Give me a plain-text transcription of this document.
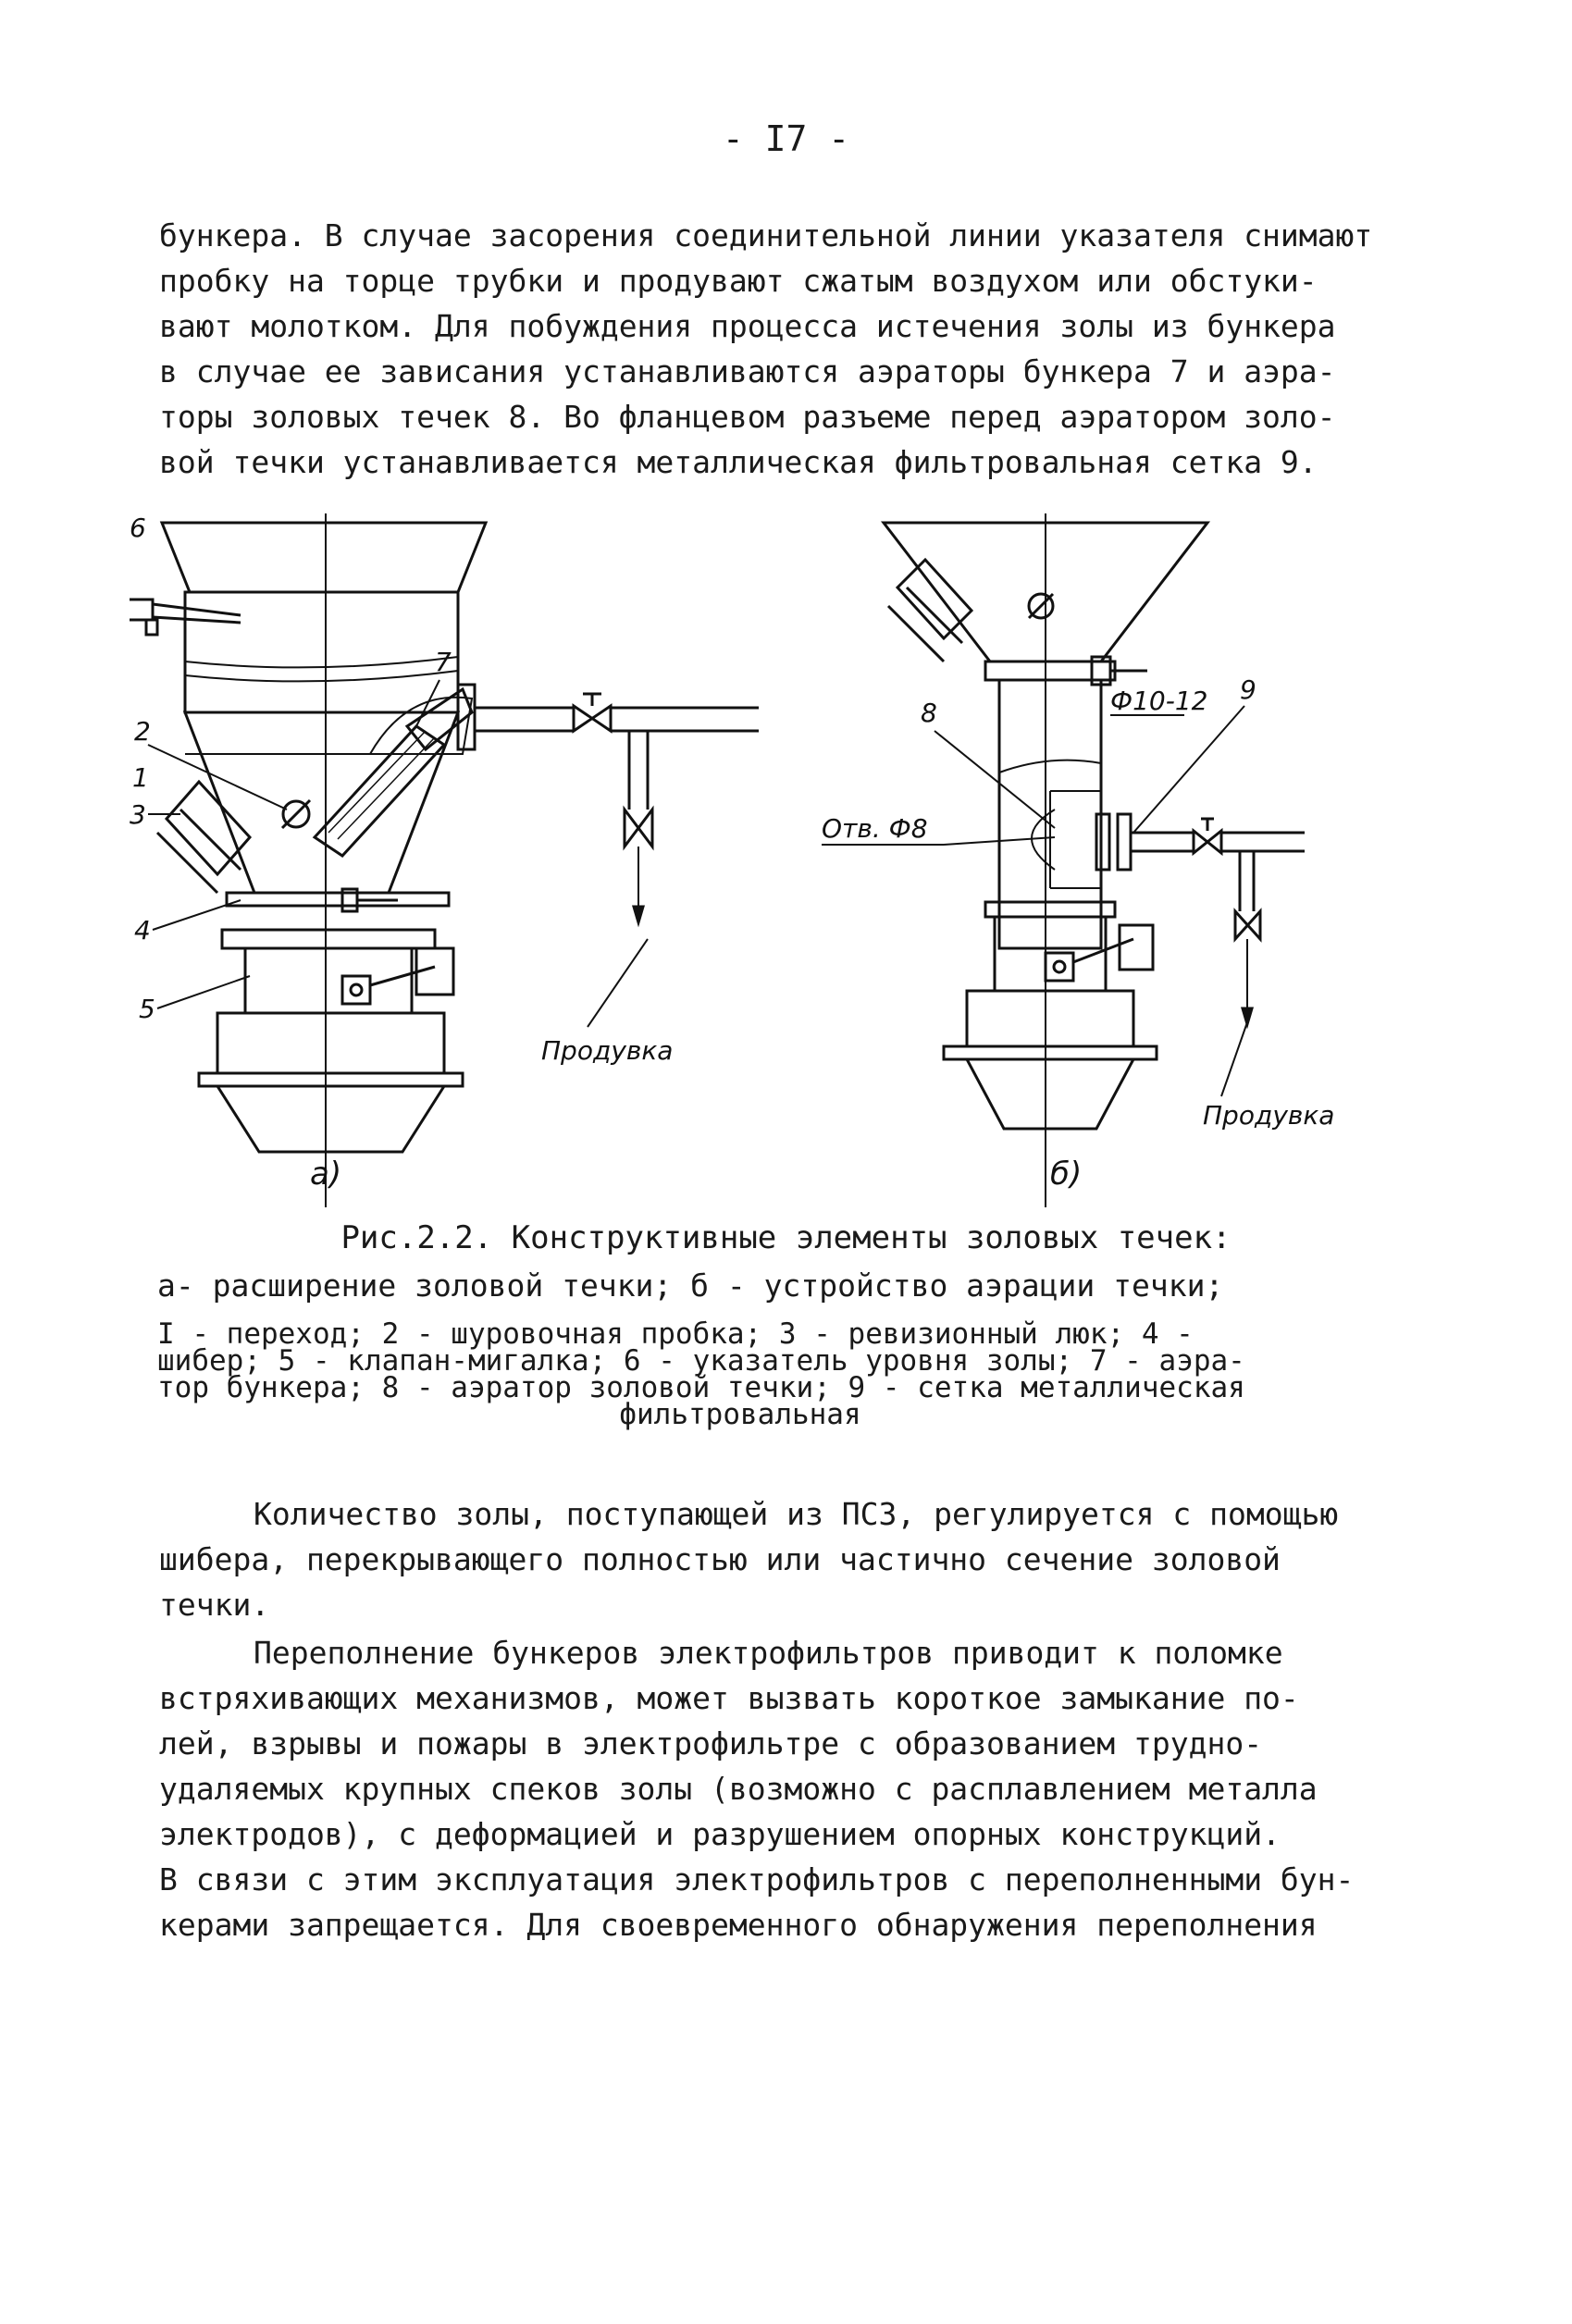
- I7 -

бункера. В случае засорения соединительной линии указателя снимают
пробку на торце трубки и продувают сжатым воздухом или обстуки-
вают молотком. Для побуждения процесса истечения золы из бункера
в случае ее зависания устанавливаются аэраторы бункера 7 и аэра-
торы золовых течек 8. Во фланцевом разъеме перед аэратором золо-
вой течки устанавливается металлическая фильтровальная сетка 9.

6
7
2
1
3
4
5
Продувка
а)
8
9
Ф10-12
Отв. Ф8
Продувка
б)
Рис.2.2. Конструктивные элементы золовых течек:
а- расширение золовой течки; б - устройство аэрации течки;
I - переход; 2 - шуровочная пробка; 3 - ревизионный люк; 4 -
шибер; 5 - клапан-мигалка; 6 - указатель уровня золы; 7 - аэра-
тор бункера; 8 - аэратор золовой течки; 9 - сетка металлическая
фильтровальная

Количество золы, поступающей из ПСЗ, регулируется с помощью
шибера, перекрывающего полностью или частично сечение золовой
течки.

Переполнение бункеров электрофильтров приводит к поломке
встряхивающих механизмов, может вызвать короткое замыкание по-
лей, взрывы и пожары в электрофильтре с образованием трудно-
удаляемых крупных спеков золы (возможно с расплавлением металла
электродов), с деформацией и разрушением опорных конструкций.
В связи с этим эксплуатация электрофильтров с переполненными бун-
керами запрещается. Для своевременного обнаружения переполнения
